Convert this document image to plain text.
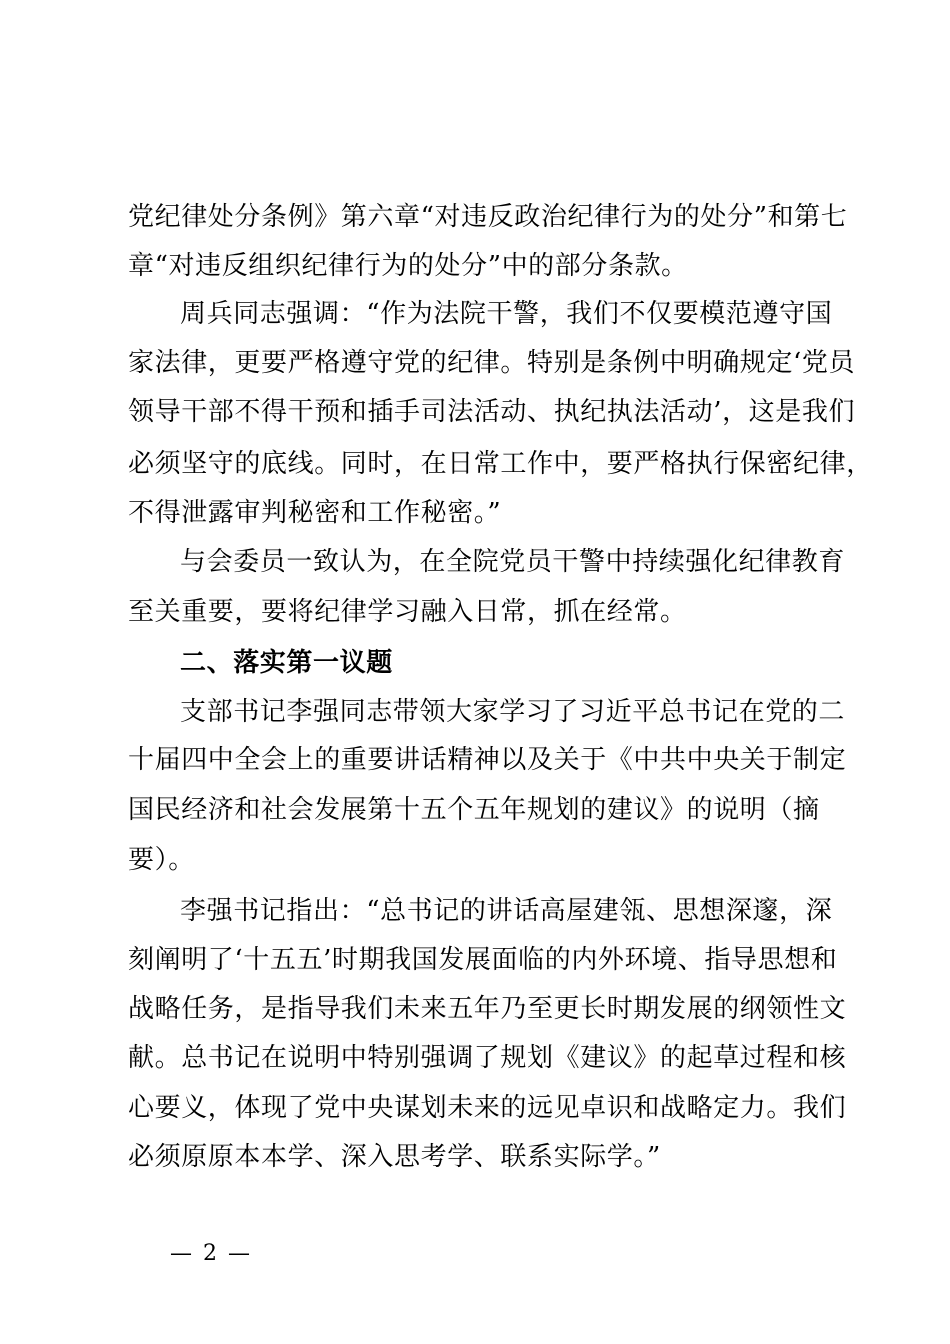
党纪律处分条例》第六章“对违反政治纪律行为的处分”和第七
章“对违反组织纪律行为的处分”中的部分条款。
周兵同志强调：“作为法院干警，我们不仅要模范遵守国
家法律，更要严格遵守党的纪律。特别是条例中明确规定‘党员
领导干部不得干预和插手司法活动、执纪执法活动’，这是我们
必须坚守的底线。同时，在日常工作中，要严格执行保密纪律，
不得泄露审判秘密和工作秘密。”
与会委员一致认为，在全院党员干警中持续强化纪律教育
至关重要，要将纪律学习融入日常，抓在经常。
二、落实第一议题
支部书记李强同志带领大家学习了习近平总书记在党的二
十届四中全会上的重要讲话精神以及关于《中共中央关于制定
国民经济和社会发展第十五个五年规划的建议》的说明（摘
要）。
李强书记指出：“总书记的讲话高屋建瓴、思想深邃，深
刻阐明了‘十五五’时期我国发展面临的内外环境、指导思想和
战略任务，是指导我们未来五年乃至更长时期发展的纲领性文
献。总书记在说明中特别强调了规划《建议》的起草过程和核
心要义，体现了党中央谋划未来的远见卓识和战略定力。我们
必须原原本本学、深入思考学、联系实际学。”
— 2 —
